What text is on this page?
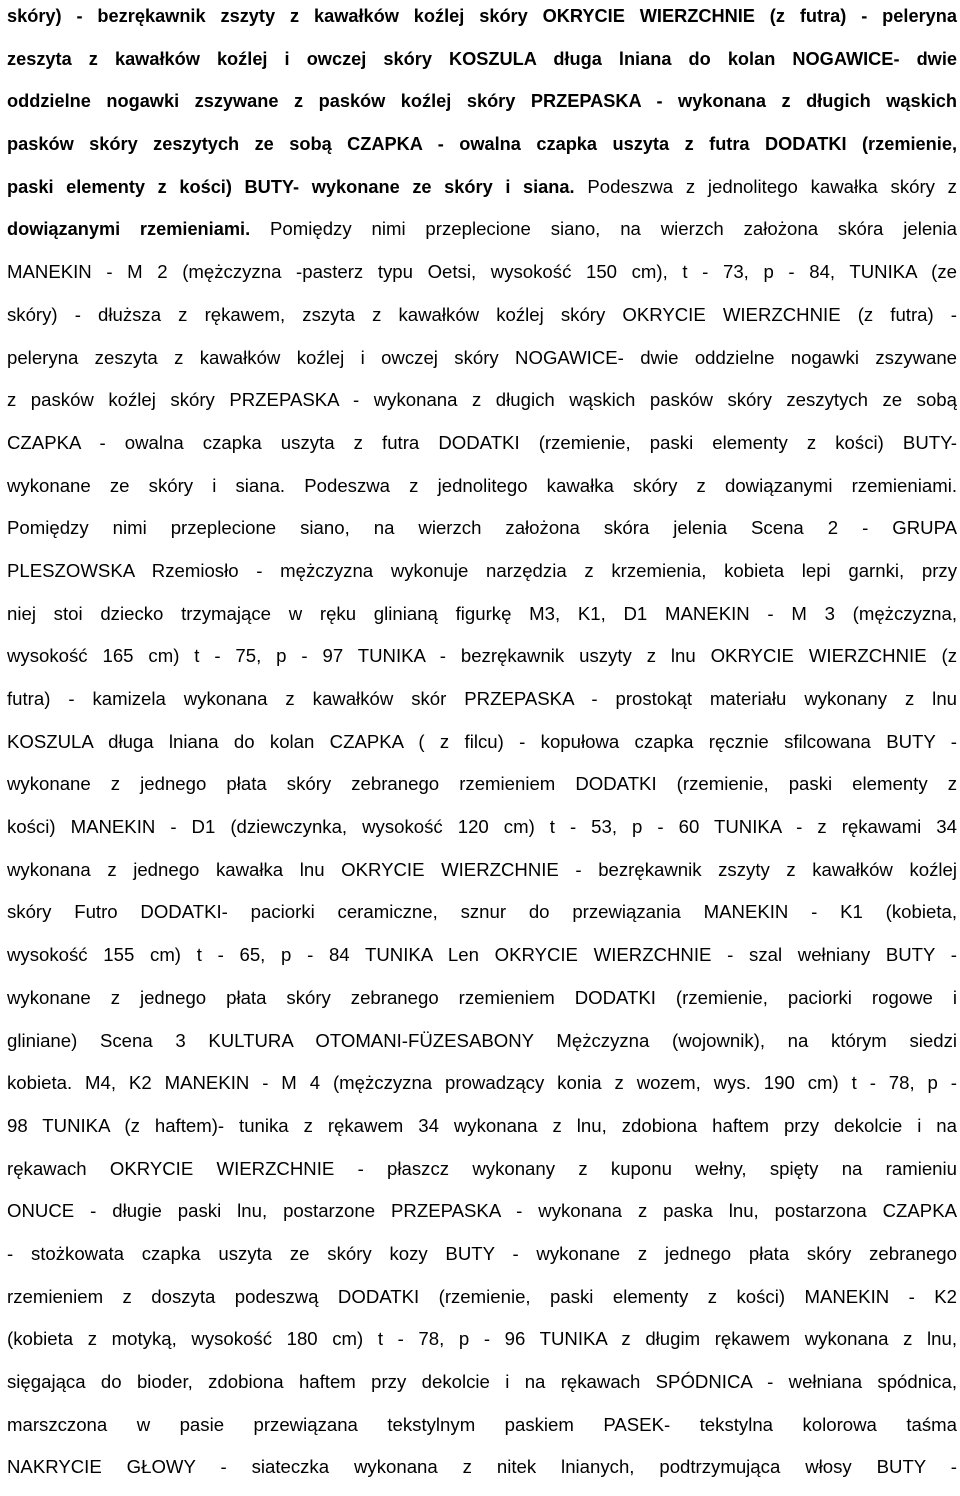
skóry) - bezrękawnik zszyty z kawałków koźlej skóry OKRYCIE WIERZCHNIE (z futra) - peleryna
zeszyta z kawałków koźlej i owczej skóry KOSZULA długa lniana do kolan NOGAWICE- dwie
oddzielne nogawki zszywane z pasków koźlej skóry PRZEPASKA - wykonana z długich wąskich
pasków skóry zeszytych ze sobą CZAPKA - owalna czapka uszyta z futra DODATKI (rzemienie,
paski elementy z kości) BUTY- wykonane ze skóry i siana. Podeszwa z jednolitego kawałka skóry z
dowiązanymi rzemieniami. Pomiędzy nimi przeplecione siano, na wierzch założona skóra jelenia
MANEKIN - M 2 (mężczyzna -pasterz typu Oetsi, wysokość 150 cm), t - 73, p - 84, TUNIKA (ze
skóry) - dłuższa z rękawem, zszyta z kawałków koźlej skóry OKRYCIE WIERZCHNIE (z futra) -
peleryna zeszyta z kawałków koźlej i owczej skóry NOGAWICE- dwie oddzielne nogawki zszywane
z pasków koźlej skóry PRZEPASKA - wykonana z długich wąskich pasków skóry zeszytych ze sobą
CZAPKA - owalna czapka uszyta z futra DODATKI (rzemienie, paski elementy z kości) BUTY-
wykonane ze skóry i siana. Podeszwa z jednolitego kawałka skóry z dowiązanymi rzemieniami.
Pomiędzy nimi przeplecione siano, na wierzch założona skóra jelenia Scena 2 - GRUPA
PLESZOWSKA Rzemiosło - mężczyzna wykonuje narzędzia z krzemienia, kobieta lepi garnki, przy
niej stoi dziecko trzymające w ręku glinianą figurkę M3, K1, D1 MANEKIN - M 3 (mężczyzna,
wysokość 165 cm) t - 75, p - 97 TUNIKA - bezrękawnik uszyty z lnu OKRYCIE WIERZCHNIE (z
futra) - kamizela wykonana z kawałków skór PRZEPASKA - prostokąt materiału wykonany z lnu
KOSZULA długa lniana do kolan CZAPKA ( z filcu) - kopułowa czapka ręcznie sfilcowana BUTY -
wykonane z jednego płata skóry zebranego rzemieniem DODATKI (rzemienie, paski elementy z
kości) MANEKIN - D1 (dziewczynka, wysokość 120 cm) t - 53, p - 60 TUNIKA - z rękawami 34
wykonana z jednego kawałka lnu OKRYCIE WIERZCHNIE - bezrękawnik zszyty z kawałków koźlej
skóry Futro DODATKI- paciorki ceramiczne, sznur do przewiązania MANEKIN - K1 (kobieta,
wysokość 155 cm) t - 65, p - 84 TUNIKA Len OKRYCIE WIERZCHNIE - szal wełniany BUTY -
wykonane z jednego płata skóry zebranego rzemieniem DODATKI (rzemienie, paciorki rogowe i
gliniane) Scena 3 KULTURA OTOMANI-FÜZESABONY Mężczyzna (wojownik), na którym siedzi
kobieta. M4, K2 MANEKIN - M 4 (mężczyzna prowadzący konia z wozem, wys. 190 cm) t - 78, p -
98 TUNIKA (z haftem)- tunika z rękawem 34 wykonana z lnu, zdobiona haftem przy dekolcie i na
rękawach OKRYCIE WIERZCHNIE - płaszcz wykonany z kuponu wełny, spięty na ramieniu
ONUCE - długie paski lnu, postarzone PRZEPASKA - wykonana z paska lnu, postarzona CZAPKA
- stożkowata czapka uszyta ze skóry kozy BUTY - wykonane z jednego płata skóry zebranego
rzemieniem z doszyta podeszwą DODATKI (rzemienie, paski elementy z kości) MANEKIN - K2
(kobieta z motyką, wysokość 180 cm) t - 78, p - 96 TUNIKA z długim rękawem wykonana z lnu,
sięgająca do bioder, zdobiona haftem przy dekolcie i na rękawach SPÓDNICA - wełniana spódnica,
marszczona w pasie przewiązana tekstylnym paskiem PASEK- tekstylna kolorowa taśma
NAKRYCIE GŁOWY - siateczka wykonana z nitek lnianych, podtrzymująca włosy BUTY -
